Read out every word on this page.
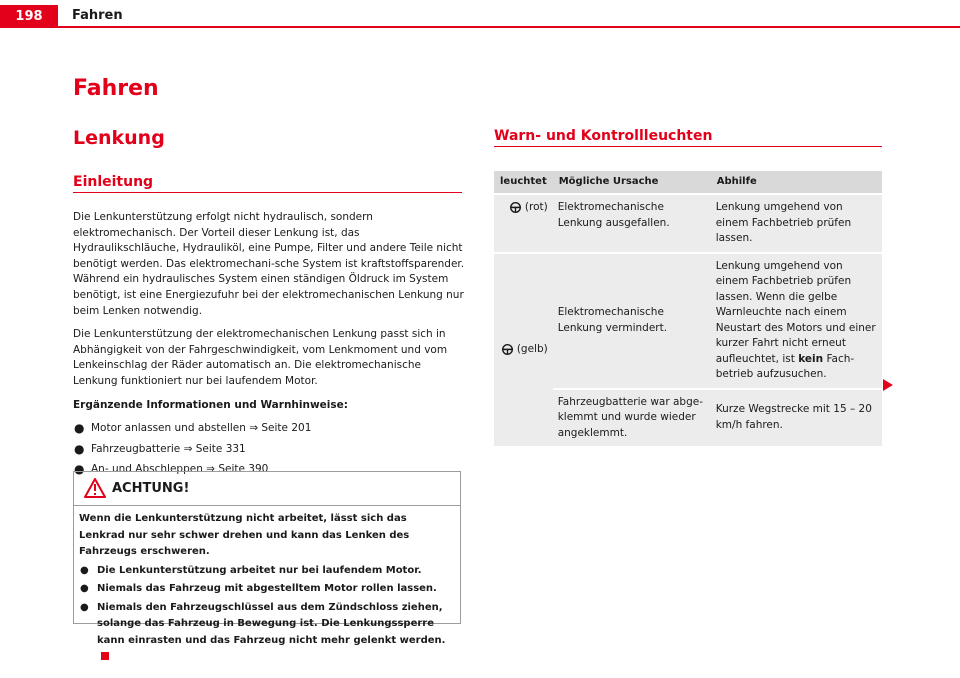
198	Fahren
Fahren
Lenkung
Einleitung

Die Lenkunterstützung erfolgt nicht hydraulisch, sondern elektromechanisch. Der Vorteil dieser Lenkung ist, das Hydraulikschläuche, Hydrauliköl, eine Pumpe, Filter und andere Teile nicht benötigt werden. Das elektromechani-sche System ist kraftstoffsparender. Während ein hydraulisches System einen ständigen Öldruck im System benötigt, ist eine Energiezufuhr bei der elektromechanischen Lenkung nur beim Lenken notwendig.

Die Lenkunterstützung der elektromechanischen Lenkung passt sich in Abhängigkeit von der Fahrgeschwindigkeit, vom Lenkmoment und vom Lenkeinschlag der Räder automatisch an. Die elektromechanische Lenkung funktioniert nur bei laufendem Motor.

Ergänzende Informationen und Warnhinweise:

● Motor anlassen und abstellen ⇒ Seite 201
● Fahrzeugbatterie ⇒ Seite 331
● An- und Abschleppen ⇒ Seite 390
ACHTUNG!
Wenn die Lenkunterstützung nicht arbeitet, lässt sich das Lenkrad nur sehr schwer drehen und kann das Lenken des Fahrzeugs erschweren.
● Die Lenkunterstützung arbeitet nur bei laufendem Motor.
● Niemals das Fahrzeug mit abgestelltem Motor rollen lassen.
● Niemals den Fahrzeugschlüssel aus dem Zündschloss ziehen, solange das Fahrzeug in Bewegung ist. Die Lenkungssperre kann einrasten und das Fahrzeug nicht mehr gelenkt werden.
Warn- und Kontrollleuchten
leuchtet	Mögliche Ursache	Abhilfe
(rot)	Elektromechanische Lenkung ausgefallen.	Lenkung umgehend von einem Fachbetrieb prüfen lassen.
(gelb)	Elektromechanische Lenkung vermindert.	Lenkung umgehend von einem Fachbetrieb prüfen lassen. Wenn die gelbe Warnleuchte nach einem Neustart des Motors und einer kurzer Fahrt nicht erneut aufleuchtet, ist kein Fach-betrieb aufzusuchen.
	Fahrzeugbatterie war abge-klemmt und wurde wieder angeklemmt.	Kurze Wegstrecke mit 15 – 20 km/h fahren.
